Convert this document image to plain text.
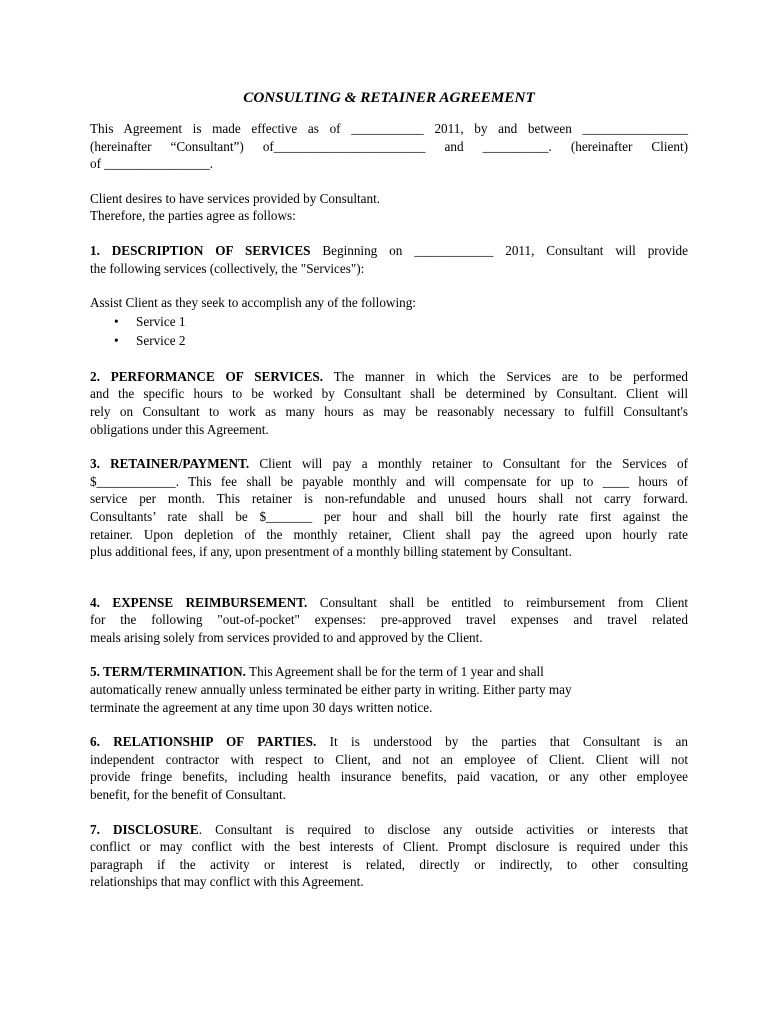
CONSULTING & RETAINER AGREEMENT

This Agreement is made effective as of ___________ 2011, by and between ________________
(hereinafter “Consultant”) of_______________________ and __________. (hereinafter Client)
of ________________.

Client desires to have services provided by Consultant.
Therefore, the parties agree as follows:

1. DESCRIPTION OF SERVICES Beginning on ____________ 2011, Consultant will provide
the following services (collectively, the "Services"):

Assist Client as they seek to accomplish any of the following:

• Service 1
• Service 2

2. PERFORMANCE OF SERVICES. The manner in which the Services are to be performed
and the specific hours to be worked by Consultant shall be determined by Consultant. Client will
rely on Consultant to work as many hours as may be reasonably necessary to fulfill Consultant's
obligations under this Agreement.

3. RETAINER/PAYMENT. Client will pay a monthly retainer to Consultant for the Services of
$____________. This fee shall be payable monthly and will compensate for up to ____ hours of
service per month. This retainer is non-refundable and unused hours shall not carry forward.
Consultants’ rate shall be $_______ per hour and shall bill the hourly rate first against the
retainer. Upon depletion of the monthly retainer, Client shall pay the agreed upon hourly rate
plus additional fees, if any, upon presentment of a monthly billing statement by Consultant.

4. EXPENSE REIMBURSEMENT. Consultant shall be entitled to reimbursement from Client
for the following "out-of-pocket" expenses: pre-approved travel expenses and travel related
meals arising solely from services provided to and approved by the Client.

5. TERM/TERMINATION. This Agreement shall be for the term of 1 year and shall
automatically renew annually unless terminated be either party in writing. Either party may
terminate the agreement at any time upon 30 days written notice.

6. RELATIONSHIP OF PARTIES. It is understood by the parties that Consultant is an
independent contractor with respect to Client, and not an employee of Client. Client will not
provide fringe benefits, including health insurance benefits, paid vacation, or any other employee
benefit, for the benefit of Consultant.

7. DISCLOSURE. Consultant is required to disclose any outside activities or interests that
conflict or may conflict with the best interests of Client. Prompt disclosure is required under this
paragraph if the activity or interest is related, directly or indirectly, to other consulting
relationships that may conflict with this Agreement.
